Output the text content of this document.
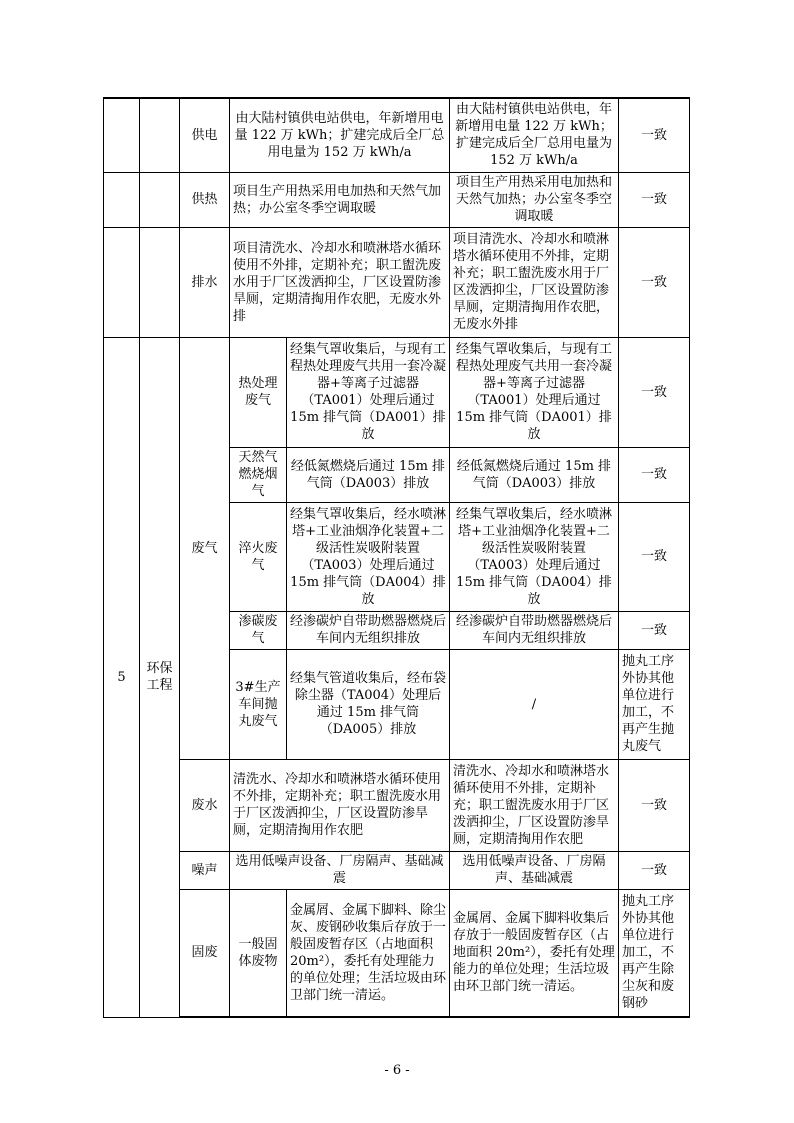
		供电	由大陆村镇供电站供电，年新增用电量 122 万 kWh；扩建完成后全厂总用电量为 152 万 kWh/a		由大陆村镇供电站供电，年新增用电量 122 万 kWh；扩建完成后全厂总用电量为 152 万 kWh/a	一致
		供热	项目生产用热采用电加热和天然气加热；办公室冬季空调取暖		项目生产用热采用电加热和天然气加热；办公室冬季空调取暖	一致
		排水	项目清洗水、冷却水和喷淋塔水循环使用不外排，定期补充；职工盥洗废水用于厂区泼洒抑尘，厂区设置防渗旱厕，定期清掏用作农肥，无废水外排		项目清洗水、冷却水和喷淋塔水循环使用不外排，定期补充；职工盥洗废水用于厂区泼洒抑尘，厂区设置防渗旱厕，定期清掏用作农肥，无废水外排	一致
5	环保工程	废气	热处理废气	经集气罩收集后，与现有工程热处理废气共用一套冷凝器+等离子过滤器（TA001）处理后通过 15m 排气筒（DA001）排放	经集气罩收集后，与现有工程热处理废气共用一套冷凝器+等离子过滤器（TA001）处理后通过 15m 排气筒（DA001）排放	一致
			天然气燃烧烟气	经低氮燃烧后通过 15m 排气筒（DA003）排放	经低氮燃烧后通过 15m 排气筒（DA003）排放	一致
			淬火废气	经集气罩收集后，经水喷淋塔+工业油烟净化装置+二级活性炭吸附装置（TA003）处理后通过 15m 排气筒（DA004）排放	经集气罩收集后，经水喷淋塔+工业油烟净化装置+二级活性炭吸附装置（TA003）处理后通过 15m 排气筒（DA004）排放	一致
			渗碳废气	经渗碳炉自带助燃器燃烧后车间内无组织排放	经渗碳炉自带助燃器燃烧后车间内无组织排放	一致
			3#生产车间抛丸废气	经集气管道收集后，经布袋除尘器（TA004）处理后通过 15m 排气筒（DA005）排放	/	抛丸工序外协其他单位进行加工，不再产生抛丸废气
		废水	清洗水、冷却水和喷淋塔水循环使用不外排，定期补充；职工盥洗废水用于厂区泼洒抑尘，厂区设置防渗旱厕，定期清掏用作农肥		清洗水、冷却水和喷淋塔水循环使用不外排，定期补充；职工盥洗废水用于厂区泼洒抑尘，厂区设置防渗旱厕，定期清掏用作农肥	一致
		噪声	选用低噪声设备、厂房隔声、基础减震		选用低噪声设备、厂房隔声、基础减震	一致
		固废	一般固体废物	金属屑、金属下脚料、除尘灰、废钢砂收集后存放于一般固废暂存区（占地面积 20m²），委托有处理能力的单位处理；生活垃圾由环卫部门统一清运。	金属屑、金属下脚料收集后存放于一般固废暂存区（占地面积 20m²），委托有处理能力的单位处理；生活垃圾由环卫部门统一清运。	抛丸工序外协其他单位进行加工，不再产生除尘灰和废钢砂
- 6 -
